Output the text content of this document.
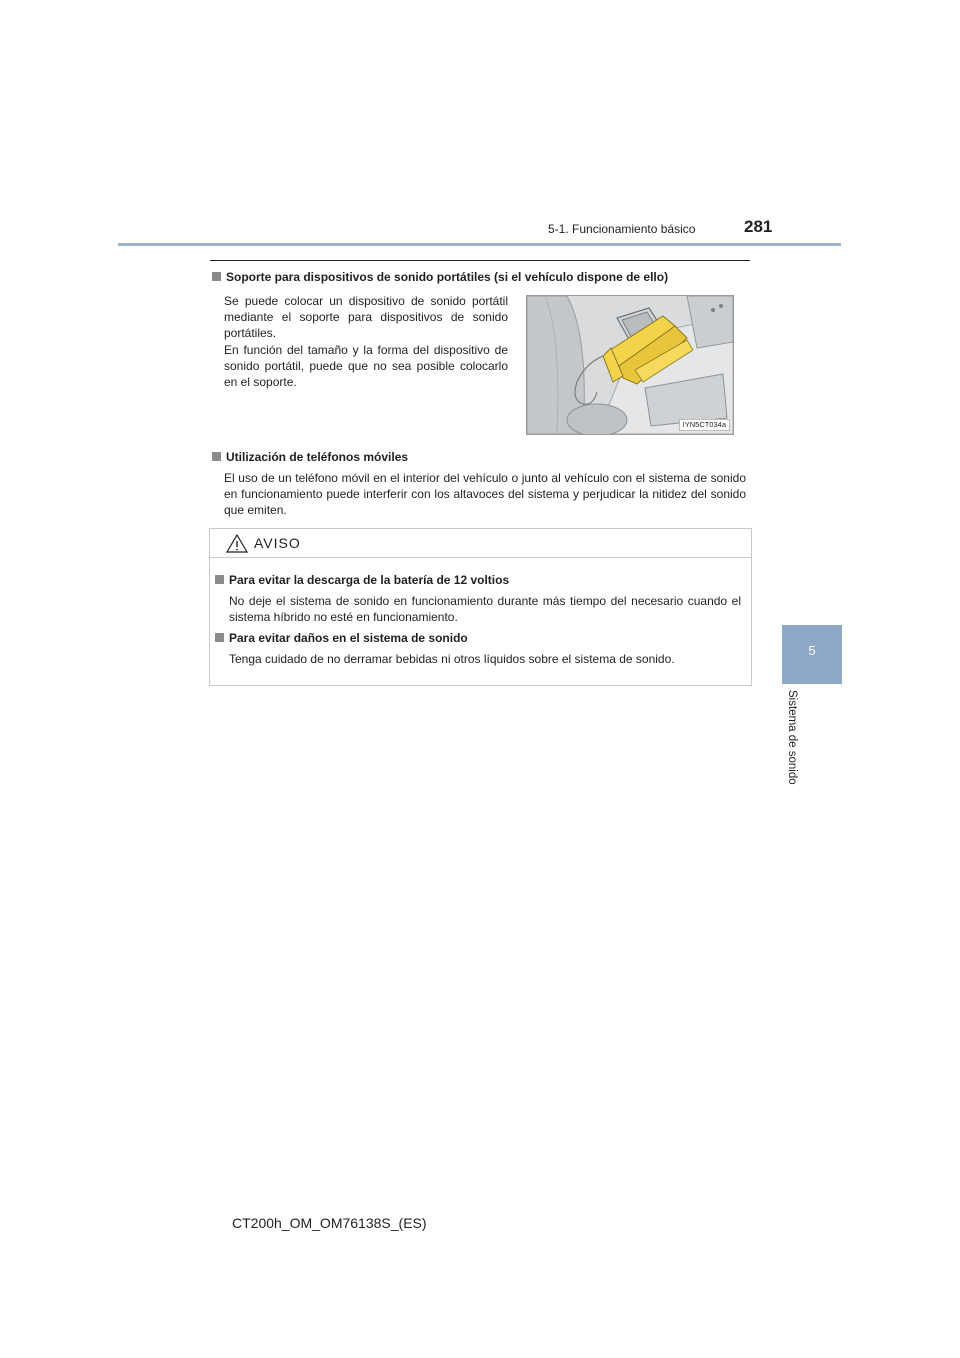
5-1. Funcionamiento básico	281
5
Sistema de sonido
Soporte para dispositivos de sonido portátiles (si el vehículo dispone de ello)
Se puede colocar un dispositivo de sonido portátil mediante el soporte para dispositivos de sonido portátiles.
En función del tamaño y la forma del dispositivo de sonido portátil, puede que no sea posible colocarlo en el soporte.
IYN5CT034a
Utilización de teléfonos móviles
El uso de un teléfono móvil en el interior del vehículo o junto al vehículo con el sistema de sonido en funcionamiento puede interferir con los altavoces del sistema y perjudicar la nitidez del sonido que emiten.
AVISO
Para evitar la descarga de la batería de 12 voltios
No deje el sistema de sonido en funcionamiento durante más tiempo del necesario cuando el sistema híbrido no esté en funcionamiento.
Para evitar daños en el sistema de sonido
Tenga cuidado de no derramar bebidas ni otros líquidos sobre el sistema de sonido.
CT200h_OM_OM76138S_(ES)
